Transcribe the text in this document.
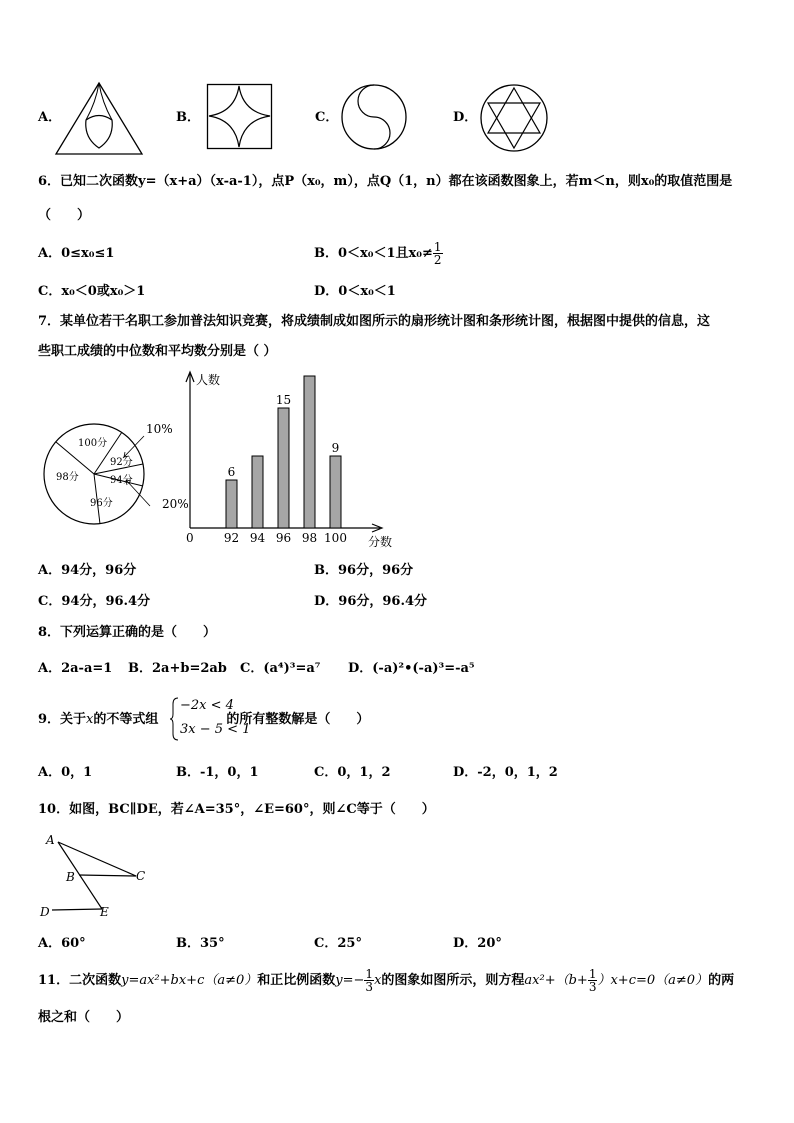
A．	B．	C．	D．
6．已知二次函数y=（x+a）（x-a-1），点P（x₀，m），点Q（1，n）都在该函数图象上，若m＜n，则x₀的取值范围是
（　　）
A．0≤x₀≤1	B．0＜x₀＜1且$x_0\ne \frac{1}{2}$
C．x₀＜0或x₀＞1	D．0＜x₀＜1
7．某单位若干名职工参加普法知识竞赛，将成绩制成如图所示的扇形统计图和条形统计图，根据图中提供的信息，这
些职工成绩的中位数和平均数分别是（ ）
100分
92分
94分
96分
98分
10%
20%
人数
分数
0	92
6
94 96
15
98 100
9
A．94分，96分	B．96分，96分
C．94分，96.4分	D．96分，96.4分
8．下列运算正确的是（　　）
A．2a-a=1 B．2a+b=2ab C．(a⁴)³=a⁷ D．(-a)²•(-a)³=-a⁵
9．关于x的不等式组	的所有整数解是（　　）
−2x < 4
3x − 5 < 1
A．0，1	B．-1，0，1	C．0，1，2	D．-2，0，1，2
10．如图，BC∥DE，若∠A=35°，∠E=60°，则∠C等于（　　）
A
B	C
D	E
A．60°	B．35°	C．25°	D．20°
11．二次函数y=ax²+bx+c（a≠0）和正比例函数$y=- \frac{1}{3}$ x的图象如图所示，则方程$ax^2+(b+ \frac{1}{3} )x+c=0(a\ne 0)$的两
根之和（　　）
